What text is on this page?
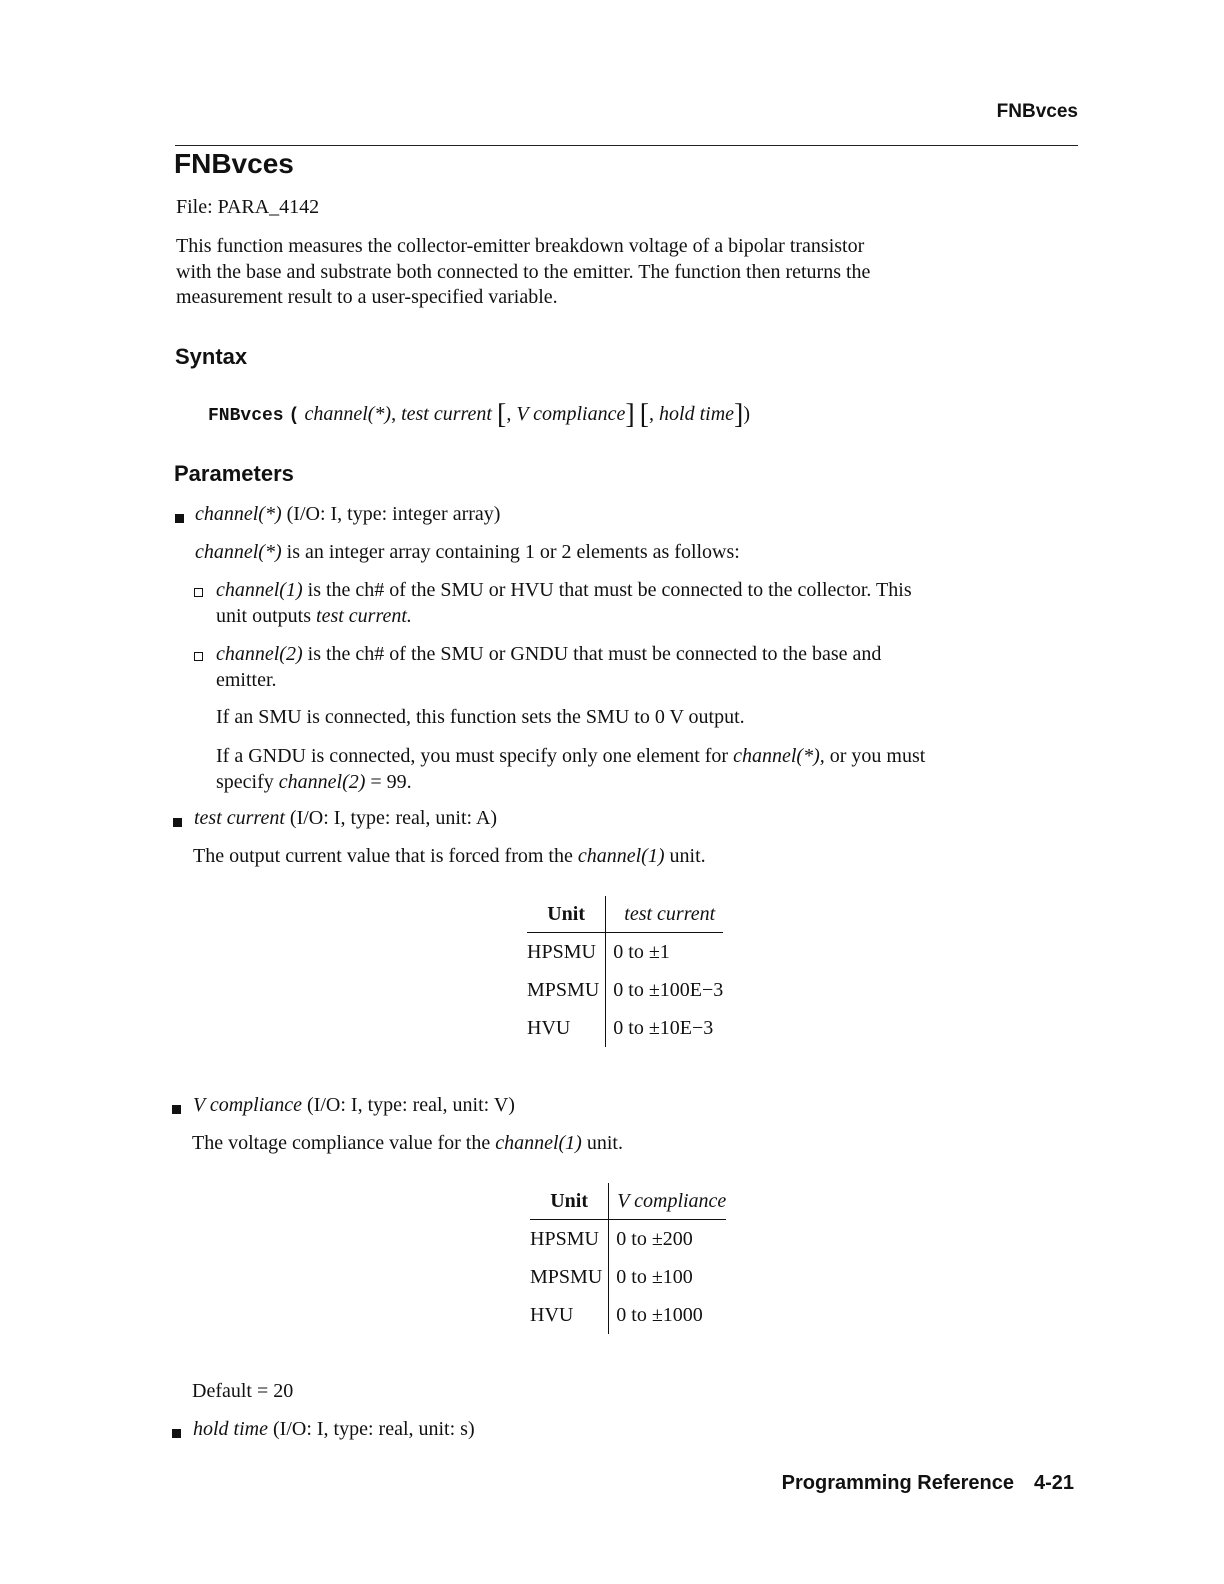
FNBvces
FNBvces
File: PARA_4142
This function measures the collector-emitter breakdown voltage of a bipolar transistor
with the base and substrate both connected to the emitter. The function then returns the
measurement result to a user-specified variable.
Syntax
FNBvces ( channel(*), test current [, V compliance] [, hold time])
Parameters
channel(*) (I/O: I, type: integer array)
channel(*) is an integer array containing 1 or 2 elements as follows:
channel(1) is the ch# of the SMU or HVU that must be connected to the collector. This
unit outputs test current.
channel(2) is the ch# of the SMU or GNDU that must be connected to the base and
emitter.
If an SMU is connected, this function sets the SMU to 0 V output.
If a GNDU is connected, you must specify only one element for channel(*), or you must
specify channel(2) = 99.
test current (I/O: I, type: real, unit: A)
The output current value that is forced from the channel(1) unit.
Unit	test current
HPSMU	0 to ±1
MPSMU	0 to ±100E−3
HVU	0 to ±10E−3
V compliance (I/O: I, type: real, unit: V)
The voltage compliance value for the channel(1) unit.
Unit	V compliance
HPSMU	0 to ±200
MPSMU	0 to ±100
HVU	0 to ±1000
Default = 20
hold time (I/O: I, type: real, unit: s)
Programming Reference 4-21
